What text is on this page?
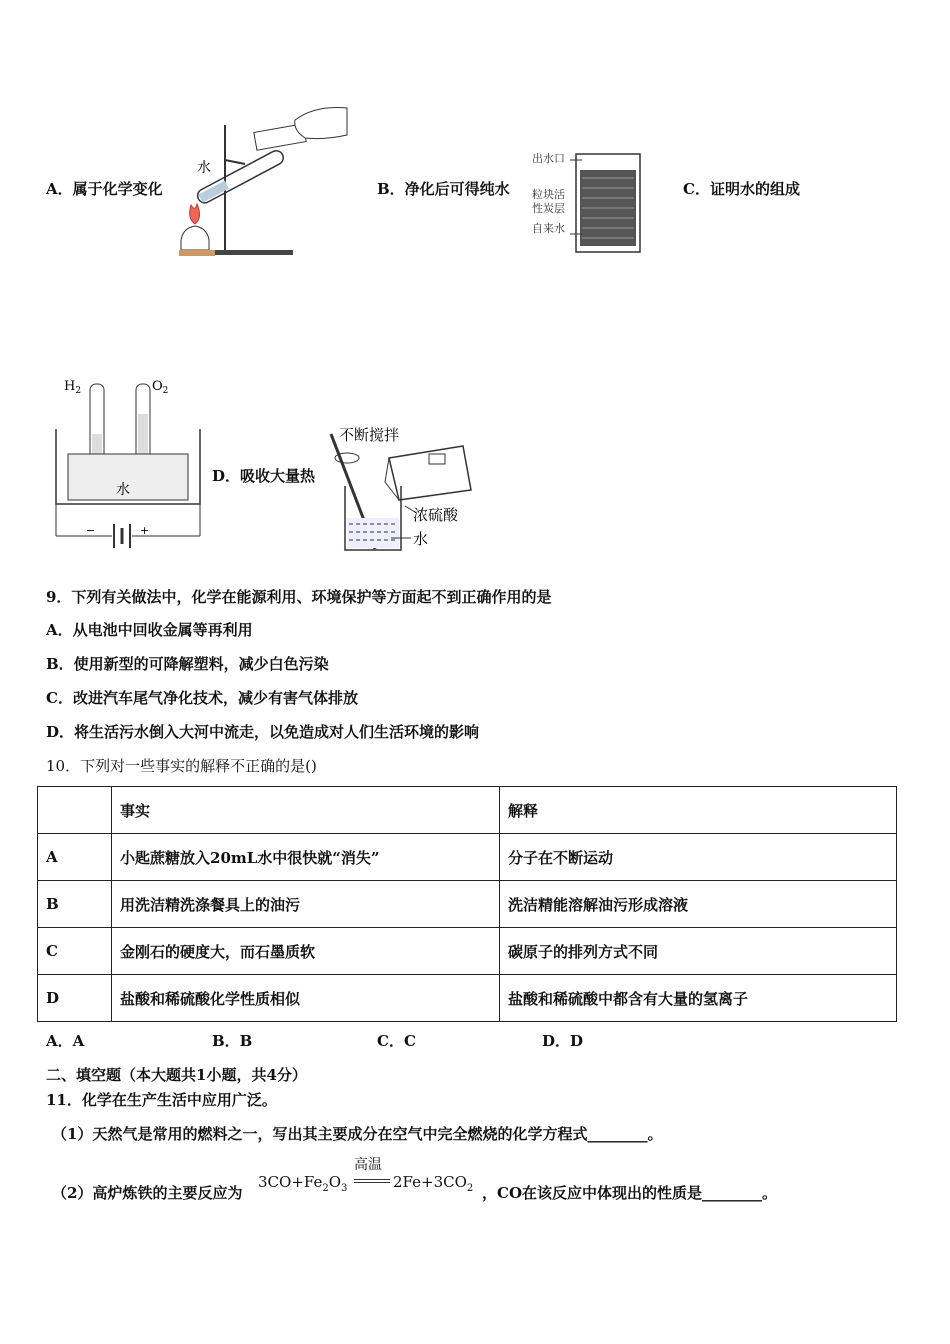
A．属于化学变化	B．净化后可得纯水	C．证明水的组成
D．吸收大量热
水
出水口
粒块活
性炭层
自来水
$H_2$	$O_2$
水
−	+
不断搅拌
浓硫酸
水
9．下列有关做法中，化学在能源利用、环境保护等方面起不到正确作用的是
A．从电池中回收金属等再利用
B．使用新型的可降解塑料，减少白色污染
C．改进汽车尾气净化技术，减少有害气体排放
D．将生活污水倒入大河中流走，以免造成对人们生活环境的影响
10．下列对一些事实的解释不正确的是()
	事实	解释
A	小匙蔗糖放入20mL水中很快就“消失”	分子在不断运动
B	用洗洁精洗涤餐具上的油污	洗洁精能溶解油污形成溶液
C	金刚石的硬度大，而石墨质软	碳原子的排列方式不同
D	盐酸和稀硫酸化学性质相似	盐酸和稀硫酸中都含有大量的氢离子
A．A	B．B	C．C	D．D
二、填空题（本大题共1小题，共4分）
11．化学在生产生活中应用广泛。
（1）天然气是常用的燃料之一，写出其主要成分在空气中完全燃烧的化学方程式________。
（2）高炉炼铁的主要反应为
$3CO+Fe_2O_3$
高温
$2Fe+3CO_2$ ，CO在该反应中体现出的性质是________。
